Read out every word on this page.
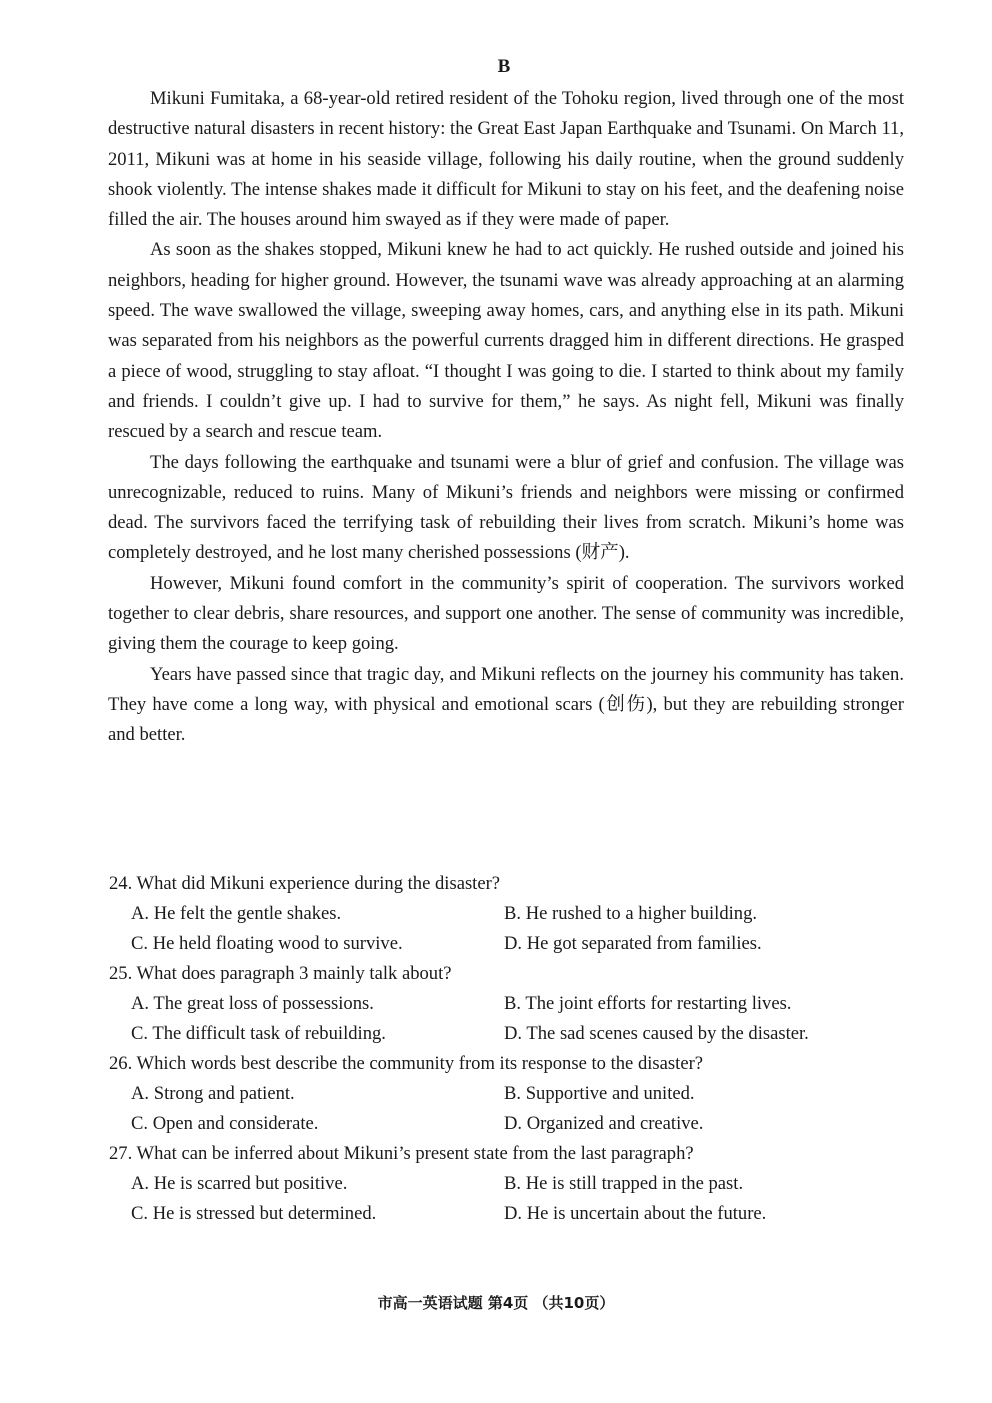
B

Mikuni Fumitaka, a 68-year-old retired resident of the Tohoku region, lived through one of the most destructive natural disasters in recent history: the Great East Japan Earthquake and Tsunami. On March 11, 2011, Mikuni was at home in his seaside village, following his daily routine, when the ground suddenly shook violently. The intense shakes made it difficult for Mikuni to stay on his feet, and the deafening noise filled the air. The houses around him swayed as if they were made of paper.

As soon as the shakes stopped, Mikuni knew he had to act quickly. He rushed outside and joined his neighbors, heading for higher ground. However, the tsunami wave was already approaching at an alarming speed. The wave swallowed the village, sweeping away homes, cars, and anything else in its path. Mikuni was separated from his neighbors as the powerful currents dragged him in different directions. He grasped a piece of wood, struggling to stay afloat. “I thought I was going to die. I started to think about my family and friends. I couldn’t give up. I had to survive for them,” he says. As night fell, Mikuni was finally rescued by a search and rescue team.

The days following the earthquake and tsunami were a blur of grief and confusion. The village was unrecognizable, reduced to ruins. Many of Mikuni’s friends and neighbors were missing or confirmed dead. The survivors faced the terrifying task of rebuilding their lives from scratch. Mikuni’s home was completely destroyed, and he lost many cherished possessions (财产).

However, Mikuni found comfort in the community’s spirit of cooperation. The survivors worked together to clear debris, share resources, and support one another. The sense of community was incredible, giving them the courage to keep going.

Years have passed since that tragic day, and Mikuni reflects on the journey his community has taken. They have come a long way, with physical and emotional scars (创伤), but they are rebuilding stronger and better.

24. What did Mikuni experience during the disaster?
A. He felt the gentle shakes.	B. He rushed to a higher building.
C. He held floating wood to survive.	D. He got separated from families.
25. What does paragraph 3 mainly talk about?
A. The great loss of possessions.	B. The joint efforts for restarting lives.
C. The difficult task of rebuilding.	D. The sad scenes caused by the disaster.
26. Which words best describe the community from its response to the disaster?
A. Strong and patient.	B. Supportive and united.
C. Open and considerate.	D. Organized and creative.
27. What can be inferred about Mikuni’s present state from the last paragraph?
A. He is scarred but positive.	B. He is still trapped in the past.
C. He is stressed but determined.	D. He is uncertain about the future.
市高一英语试题 第4页 （共10页）
